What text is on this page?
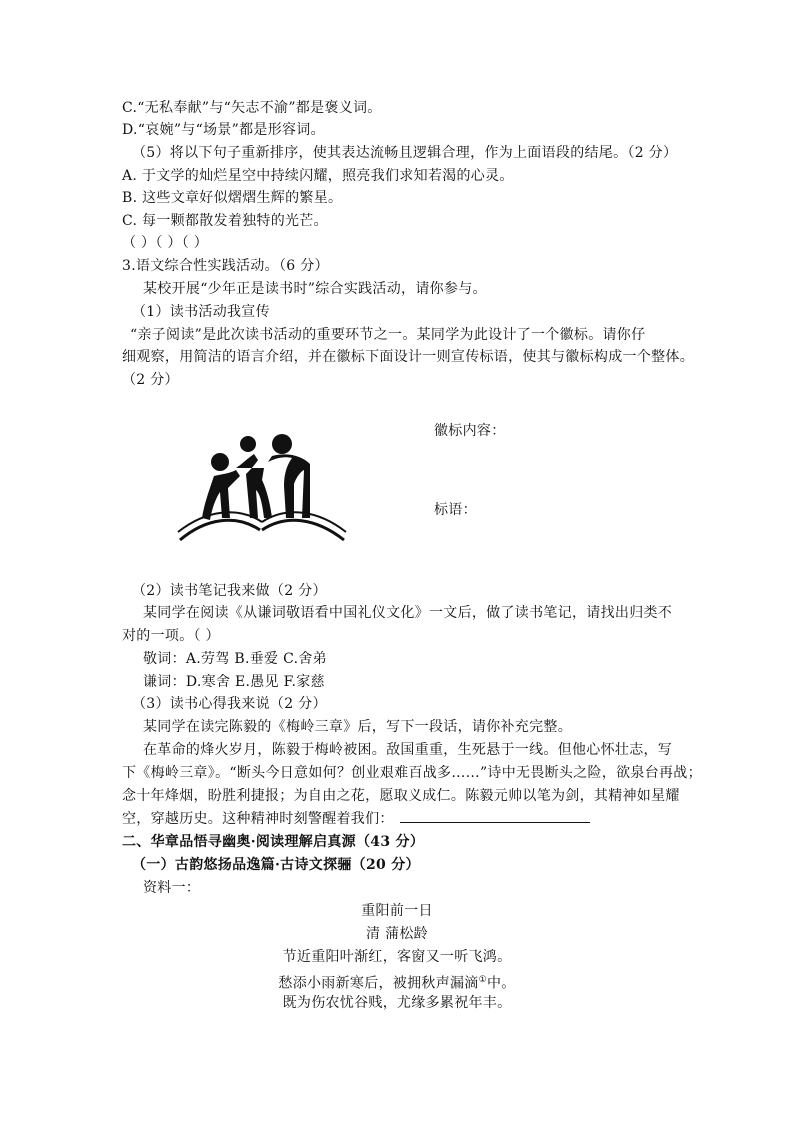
C.“无私奉献”与“矢志不渝”都是褒义词。

D.“哀婉”与“场景”都是形容词。

（5）将以下句子重新排序，使其表达流畅且逻辑合理，作为上面语段的结尾。（2 分）

A. 于文学的灿烂星空中持续闪耀，照亮我们求知若渴的心灵。

B. 这些文章好似熠熠生辉的繁星。

C. 每一颗都散发着独特的光芒。

（ ）（ ）（ ）

3.语文综合性实践活动。（6 分）

某校开展“少年正是读书时”综合实践活动，请你参与。

（1）读书活动我宣传

“亲子阅读”是此次读书活动的重要环节之一。某同学为此设计了一个徽标。请你仔

细观察，用简洁的语言介绍，并在徽标下面设计一则宣传标语，使其与徽标构成一个整体。

（2 分）

徽标内容：

标语：

（2）读书笔记我来做（2 分）

某同学在阅读《从谦词敬语看中国礼仪文化》一文后，做了读书笔记，请找出归类不

对的一项。（ ）

敬词：A.劳驾 B.垂爱 C.舍弟

谦词：D.寒舍 E.愚见 F.家慈

（3）读书心得我来说（2 分）

某同学在读完陈毅的《梅岭三章》后，写下一段话，请你补充完整。

在革命的烽火岁月，陈毅于梅岭被困。敌国重重，生死悬于一线。但他心怀壮志，写

下《梅岭三章》。“断头今日意如何？创业艰难百战多……”诗中无畏断头之险，欲泉台再战；

念十年烽烟，盼胜利捷报；为自由之花，愿取义成仁。陈毅元帅以笔为剑，其精神如星耀

空，穿越历史。这种精神时刻警醒着我们：

二、华章品悟寻幽奥·阅读理解启真源（43 分）

（一）古韵悠扬品逸篇·古诗文探骊（20 分）

资料一：

重阳前一日

清 蒲松龄

节近重阳叶渐红，客窗又一听飞鸿。

愁添小雨新寒后，被拥秋声漏滴①中。

既为伤农忧谷贱，尤缘多累祝年丰。
